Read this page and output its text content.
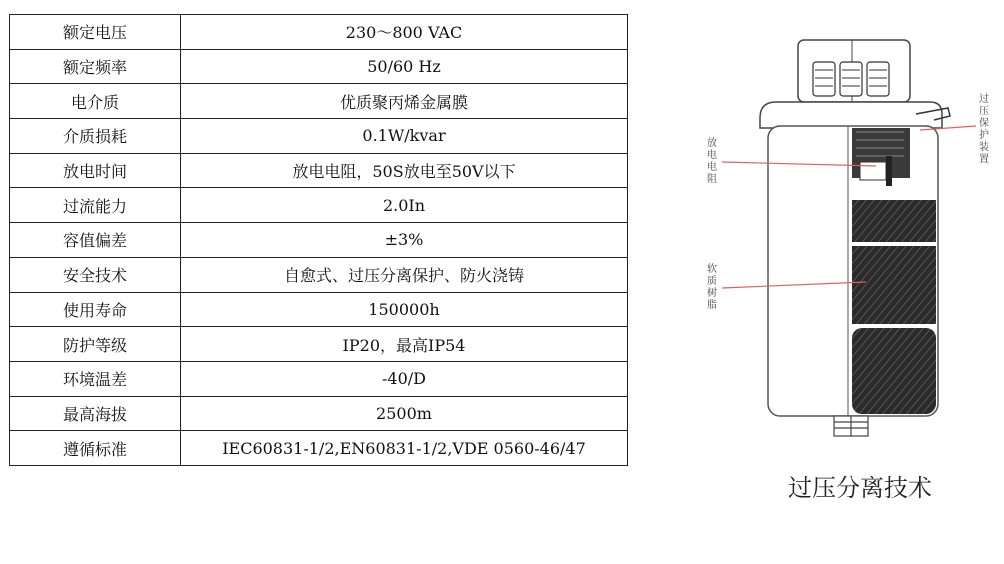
额定电压	230～800 VAC
额定频率	50/60 Hz
电介质	优质聚丙烯金属膜
介质损耗	0.1W/kvar
放电时间	放电电阻，50S放电至50V以下
过流能力	2.0In
容值偏差	±3%
安全技术	自愈式、过压分离保护、防火浇铸
使用寿命	150000h
防护等级	IP20，最高IP54
环境温差	-40/D
最高海拔	2500m
遵循标准	IEC60831-1/2,EN60831-1/2,VDE 0560-46/47
放电电阻
过压保护装置
软质树脂
过压分离技术
